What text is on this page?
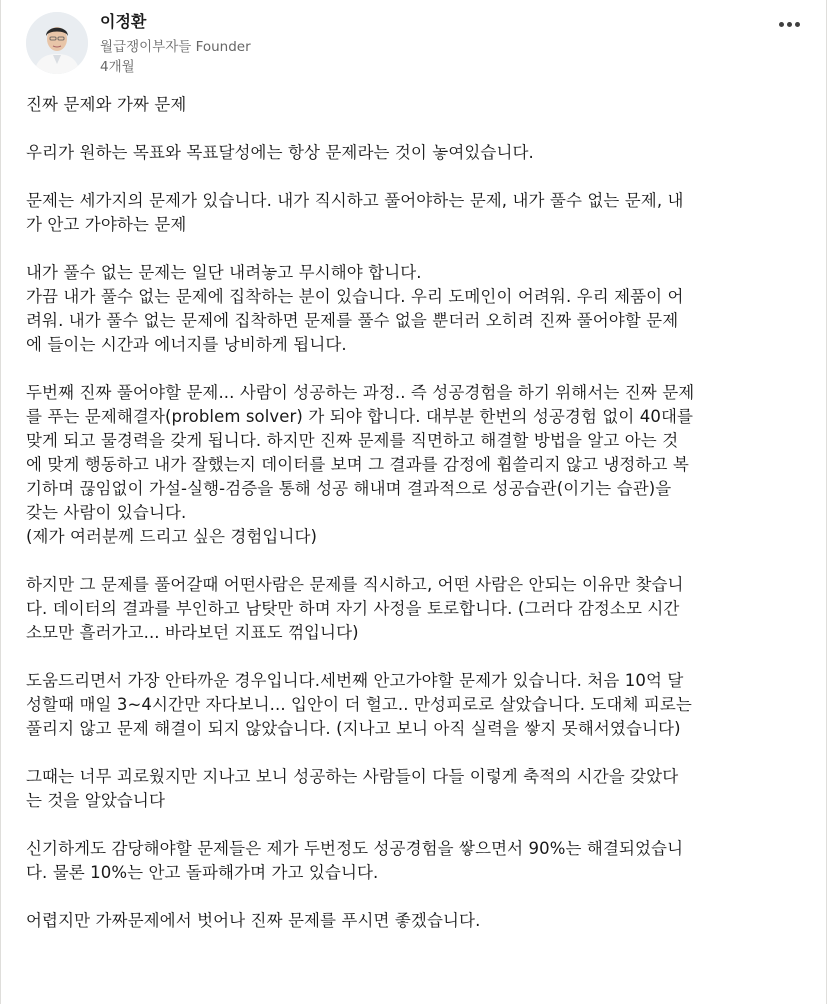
이정환
월급쟁이부자들 Founder
4개월

진짜 문제와 가짜 문제

우리가 원하는 목표와 목표달성에는 항상 문제라는 것이 놓여있습니다.

문제는 세가지의 문제가 있습니다. 내가 직시하고 풀어야하는 문제, 내가 풀수 없는 문제, 내
가 안고 가야하는 문제

내가 풀수 없는 문제는 일단 내려놓고 무시해야 합니다.
가끔 내가 풀수 없는 문제에 집착하는 분이 있습니다. 우리 도메인이 어려워. 우리 제품이 어
려워. 내가 풀수 없는 문제에 집착하면 문제를 풀수 없을 뿐더러 오히려 진짜 풀어야할 문제
에 들이는 시간과 에너지를 낭비하게 됩니다.

두번째 진짜 풀어야할 문제... 사람이 성공하는 과정.. 즉 성공경험을 하기 위해서는 진짜 문제
를 푸는 문제해결자(problem solver) 가 되야 합니다. 대부분 한번의 성공경험 없이 40대를
맞게 되고 물경력을 갖게 됩니다. 하지만 진짜 문제를 직면하고 해결할 방법을 알고 아는 것
에 맞게 행동하고 내가 잘했는지 데이터를 보며 그 결과를 감정에 휩쓸리지 않고 냉정하고 복
기하며 끊임없이 가설-실행-검증을 통해 성공 해내며 결과적으로 성공습관(이기는 습관)을
갖는 사람이 있습니다.
(제가 여러분께 드리고 싶은 경험입니다)

하지만 그 문제를 풀어갈때 어떤사람은 문제를 직시하고, 어떤 사람은 안되는 이유만 찾습니
다. 데이터의 결과를 부인하고 남탓만 하며 자기 사정을 토로합니다. (그러다 감정소모 시간
소모만 흘러가고... 바라보던 지표도 꺾입니다)

도움드리면서 가장 안타까운 경우입니다.세번째 안고가야할 문제가 있습니다. 처음 10억 달
성할때 매일 3~4시간만 자다보니... 입안이 더 헐고.. 만성피로로 살았습니다. 도대체 피로는
풀리지 않고 문제 해결이 되지 않았습니다. (지나고 보니 아직 실력을 쌓지 못해서였습니다)

그때는 너무 괴로웠지만 지나고 보니 성공하는 사람들이 다들 이렇게 축적의 시간을 갖았다
는 것을 알았습니다

신기하게도 감당해야할 문제들은 제가 두번정도 성공경험을 쌓으면서 90%는 해결되었습니
다. 물론 10%는 안고 돌파해가며 가고 있습니다.

어렵지만 가짜문제에서 벗어나 진짜 문제를 푸시면 좋겠습니다.
